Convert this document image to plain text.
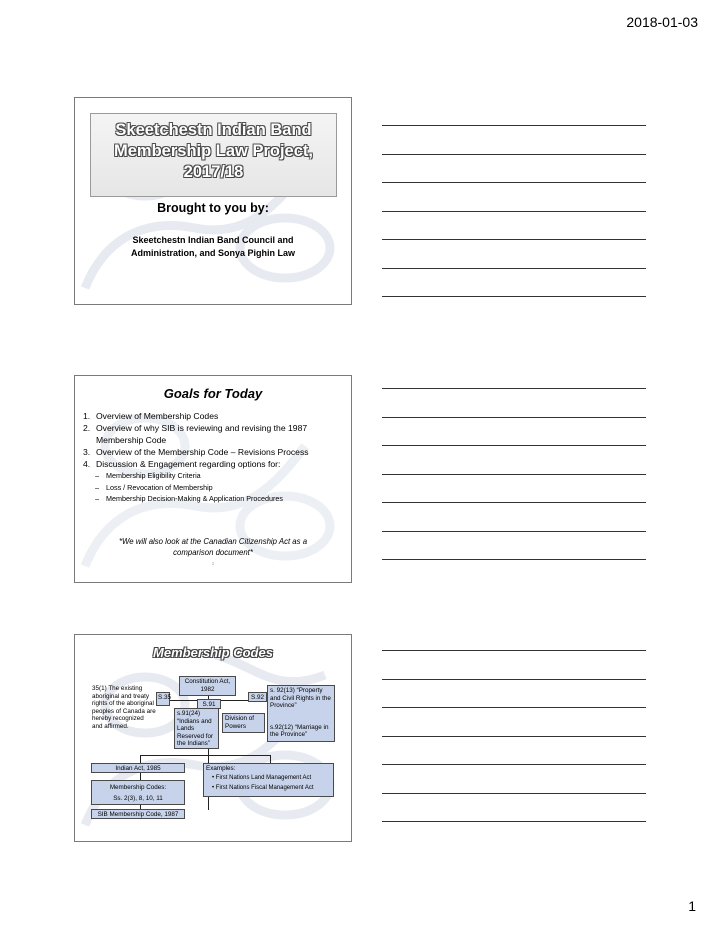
2018-01-03
Skeetchestn Indian Band Membership Law Project, 2017/18
Brought to you by:
Skeetchestn Indian Band Council and
Administration, and Sonya Pighin Law
Goals for Today
1. Overview of Membership Codes
2. Overview of why SIB is reviewing and revising the 1987 Membership Code
3. Overview of the Membership Code – Revisions Process
4. Discussion & Engagement regarding options for:
– Membership Eligibility Criteria
– Loss / Revocation of Membership
– Membership Decision-Making & Application Procedures
*We will also look at the Canadian Citizenship Act as a comparison document*
2
Membership Codes
Constitution Act, 1982
35(1) The existing aboriginal and treaty rights of the aboriginal peoples of Canada are hereby recognized and affirmed.
S.35
S.91
S.92
s.91(24) “Indians and Lands Reserved for the Indians”
Division of Powers
s. 92(13) “Property and Civil Rights in the Province”
s.92(12) “Marriage in the Province”
Indian Act, 1985
Membership Codes:
Ss. 2(3), 8, 10, 11
SIB Membership Code, 1987
Examples:
• First Nations Land Management Act
• First Nations Fiscal Management Act
1
